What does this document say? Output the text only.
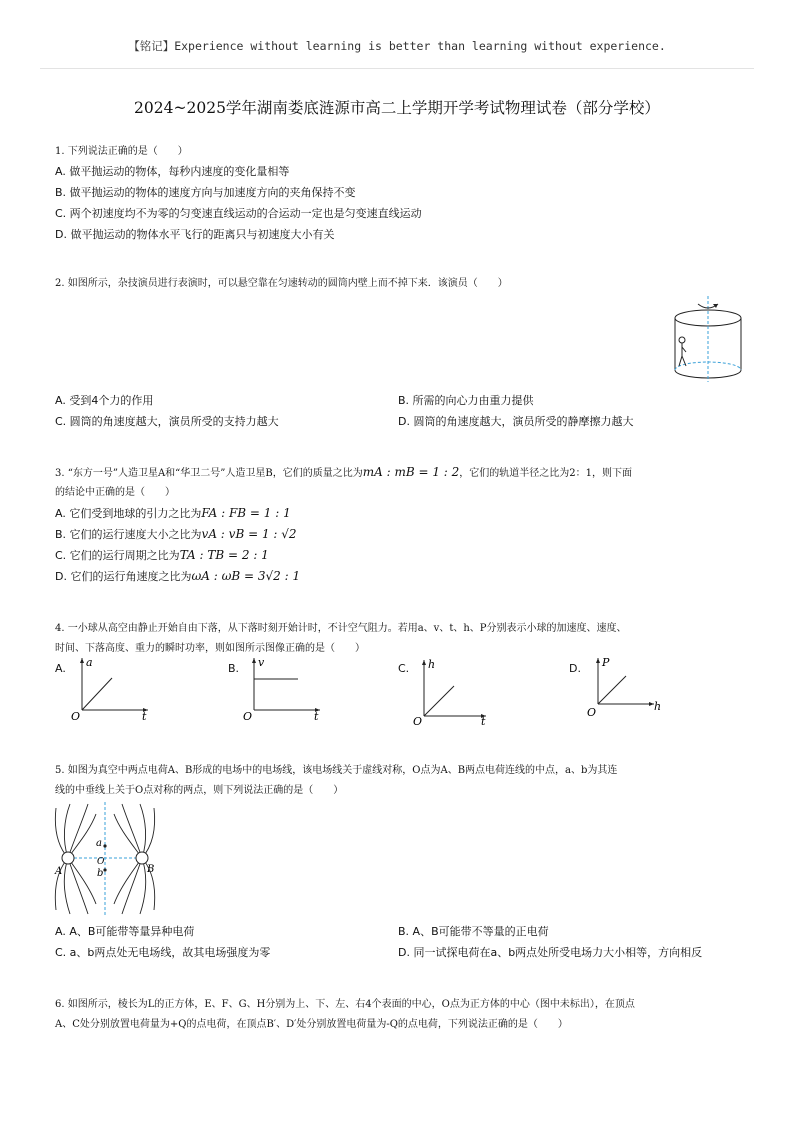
【铭记】Experience without learning is better than learning without experience.
2024~2025学年湖南娄底涟源市高二上学期开学考试物理试卷（部分学校）
1. 下列说法正确的是（　　）
A. 做平抛运动的物体，每秒内速度的变化量相等
B. 做平抛运动的物体的速度方向与加速度方向的夹角保持不变
C. 两个初速度均不为零的匀变速直线运动的合运动一定也是匀变速直线运动
D. 做平抛运动的物体水平飞行的距离只与初速度大小有关
2. 如图所示，杂技演员进行表演时，可以悬空靠在匀速转动的圆筒内壁上而不掉下来．该演员（　　）
A. 受到4个力的作用	B. 所需的向心力由重力提供
C. 圆筒的角速度越大，演员所受的支持力越大	D. 圆筒的角速度越大，演员所受的静摩擦力越大
3. “东方一号”人造卫星A和“华卫二号”人造卫星B，它们的质量之比为mA : mB = 1 : 2，它们的轨道半径之比为2：1，则下面
的结论中正确的是（　　）
A. 它们受到地球的引力之比为FA : FB = 1 : 1
B. 它们的运行速度大小之比为vA : vB = 1 : √2
C. 它们的运行周期之比为TA : TB = 2 : 1
D. 它们的运行角速度之比为ωA : ωB = 3√2 : 1
4. 一小球从高空由静止开始自由下落，从下落时刻开始计时，不计空气阻力。若用a、v、t、h、P分别表示小球的加速度、速度、
时间、下落高度、重力的瞬时功率，则如图所示图像正确的是（　　）
A. a
t
O
B. v
t
O
C. h
t
O
D. P
h
O
5. 如图为真空中两点电荷A、B形成的电场中的电场线，该电场线关于虚线对称，O点为A、B两点电荷连线的中点，a、b为其连
线的中垂线上关于O点对称的两点，则下列说法正确的是（　　）
A	B
a
b
O
A. A、B可能带等量异种电荷	B. A、B可能带不等量的正电荷
C. a、b两点处无电场线，故其电场强度为零	D. 同一试探电荷在a、b两点处所受电场力大小相等，方向相反
6. 如图所示，棱长为L的正方体，E、F、G、H分别为上、下、左、右4个表面的中心，O点为正方体的中心（图中未标出），在顶点
A、C处分别放置电荷量为+Q的点电荷，在顶点B′、D′处分别放置电荷量为-Q的点电荷，下列说法正确的是（　　）
